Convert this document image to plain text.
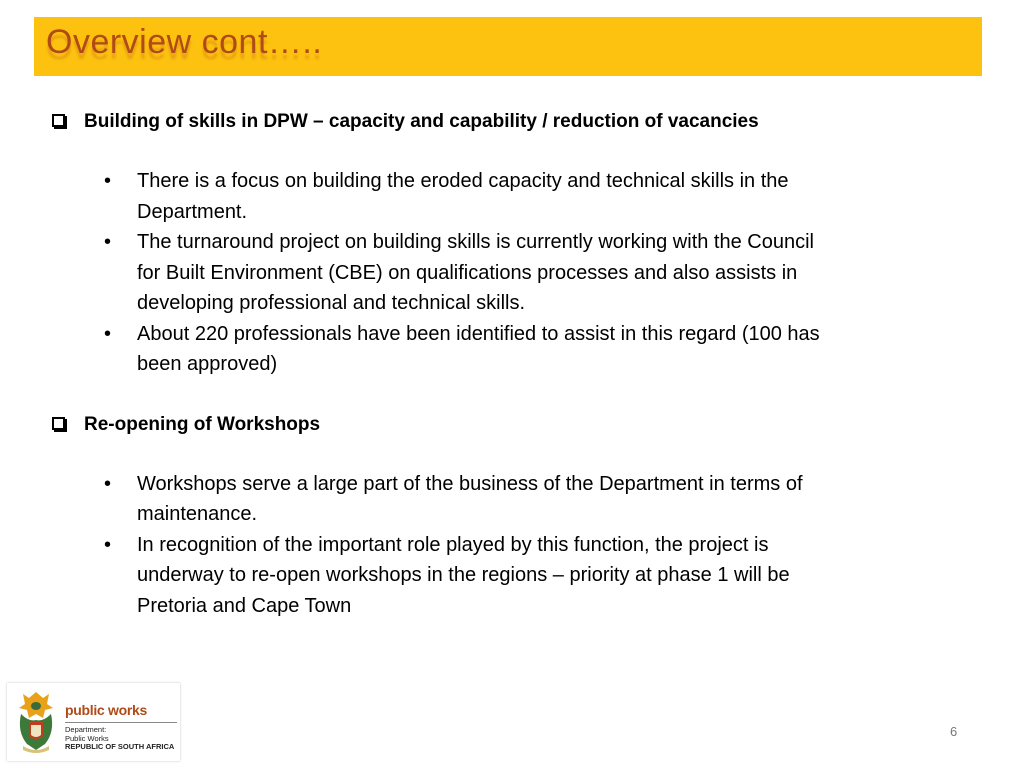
Overview cont…..
Building of skills in DPW – capacity and capability / reduction of vacancies
• There is a focus on building the eroded capacity and technical skills in the
Department.
• The turnaround project on building skills is currently working with the Council
for Built Environment (CBE) on qualifications processes and also assists in
developing professional and technical skills.
• About 220 professionals have been identified to assist in this regard (100 has
been approved)
Re-opening of Workshops
• Workshops serve a large part of the business of the Department in terms of
maintenance.
• In recognition of the important role played by this function, the project is
underway to re-open workshops in the regions – priority at phase 1 will be
Pretoria and Cape Town
public works
Department:
Public Works
REPUBLIC OF SOUTH AFRICA
6
